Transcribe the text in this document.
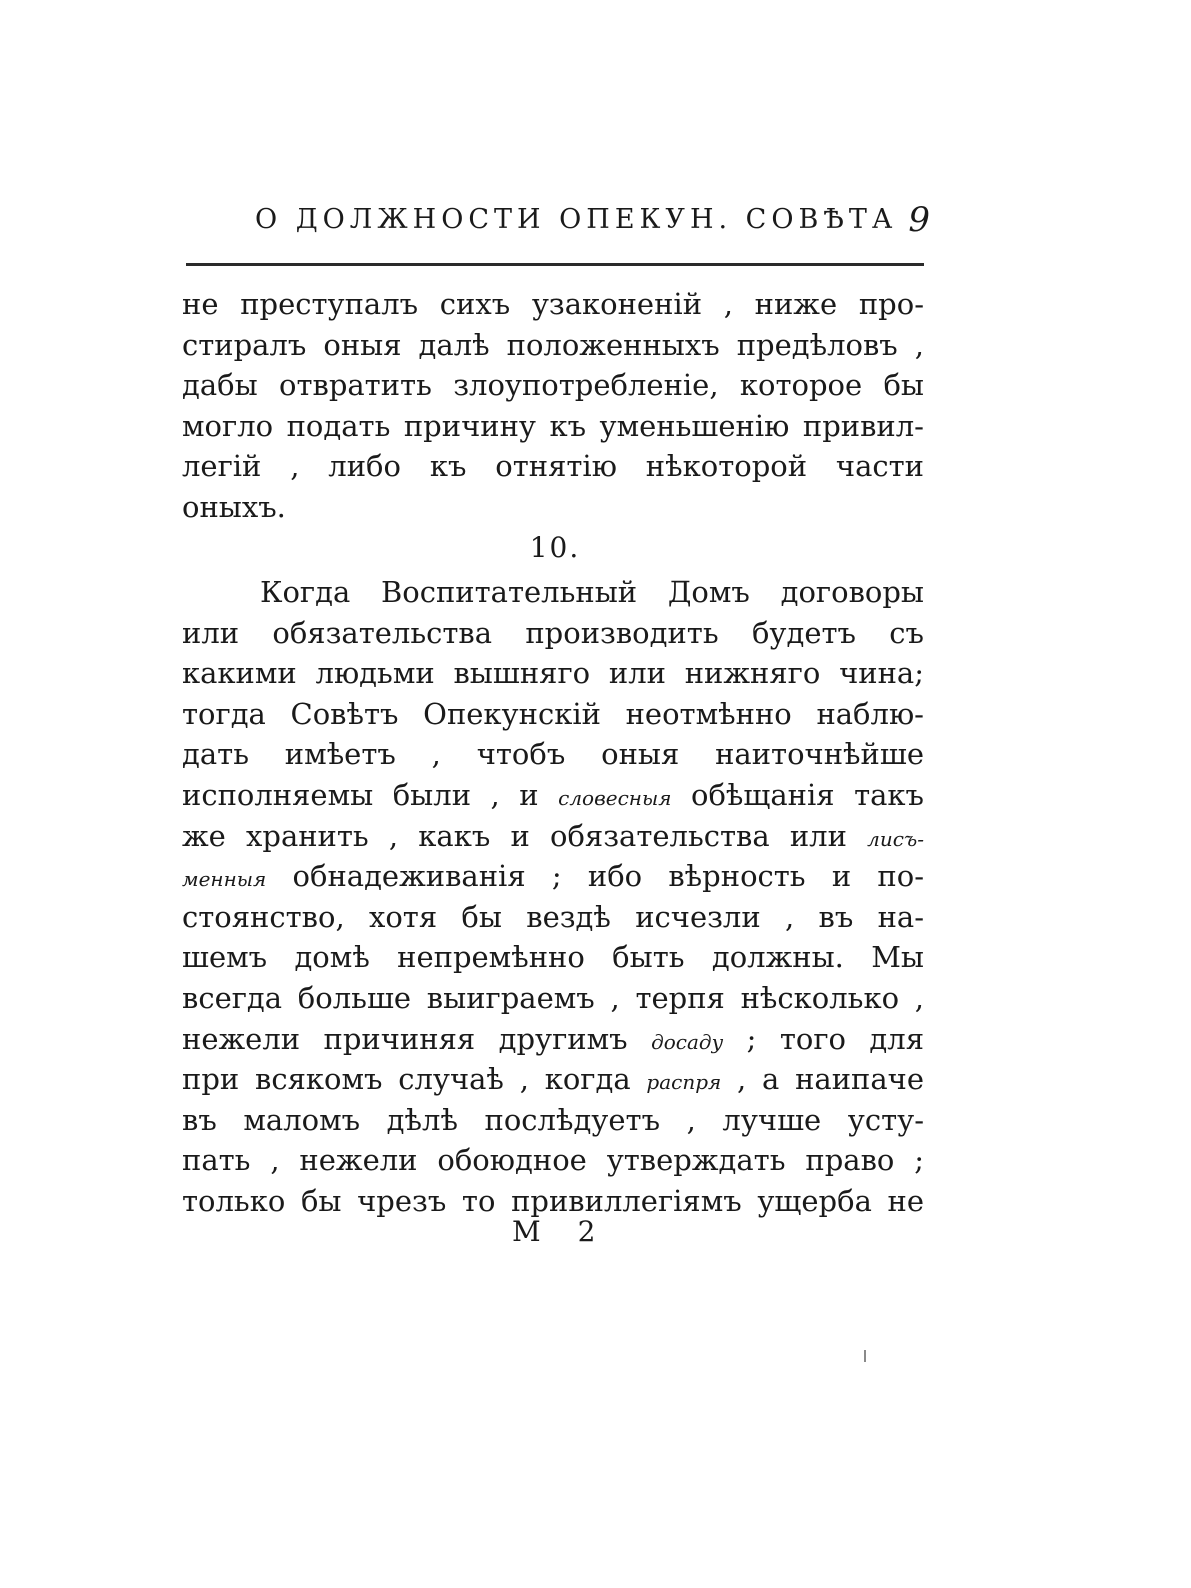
О ДОЛЖНОСТИ ОПЕКУН. СОВѢТА 9
не преступалъ сихъ узаконеній , ниже про-
стиралъ оныя далѣ положенныхъ предѣловъ ,
дабы отвратить злоупотребленіе, которое бы
могло подать причину къ уменьшенію привил-
легій , либо къ отнятію нѣкоторой части
оныхъ.
10.
Когда Воспитательный Домъ договоры
или обязательства производить будетъ съ
какими людьми вышняго или нижняго чина;
тогда Совѣтъ Опекунскій неотмѣнно наблю-
дать имѣетъ , чтобъ оныя наиточнѣйше
исполняемы были , и словесныя обѣщанія такъ
же хранить , какъ и обязательства или лисъ-
менныя обнадеживанія ; ибо вѣрность и по-
стоянство, хотя бы вездѣ исчезли , въ на-
шемъ домѣ непремѣнно быть должны. Мы
всегда больше выиграемъ , терпя нѣсколько ,
нежели причиняя другимъ досаду ; того для
при всякомъ случаѣ , когда распря , а наипаче
въ маломъ дѣлѣ послѣдуетъ , лучше усту-
пать , нежели обоюдное утверждать право ;
только бы чрезъ то привиллегіямъ ущерба не
М 2
